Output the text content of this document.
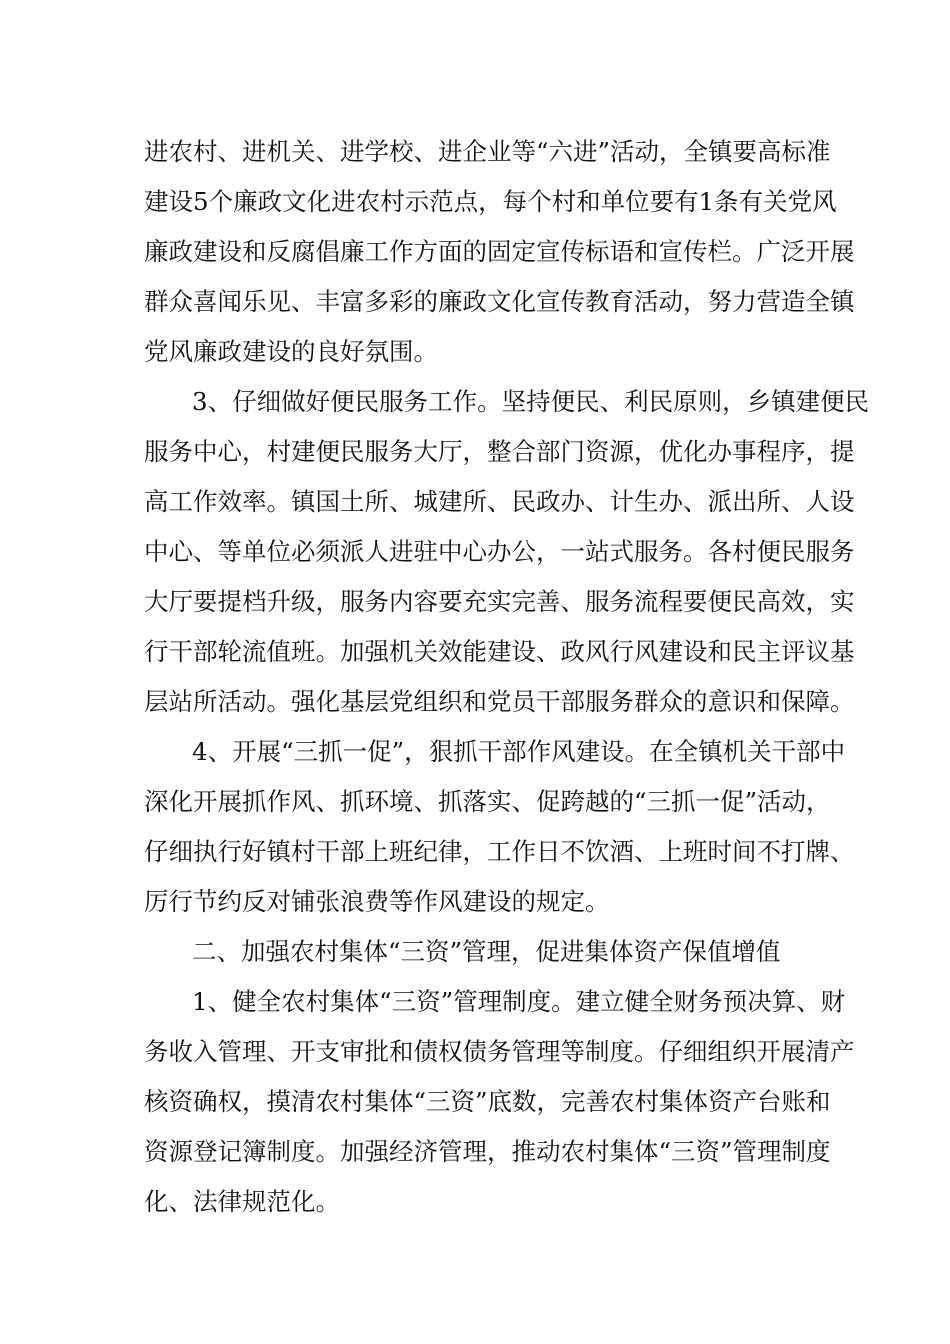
进农村、进机关、进学校、进企业等“六进”活动，全镇要高标准
建设5个廉政文化进农村示范点，每个村和单位要有1条有关党风
廉政建设和反腐倡廉工作方面的固定宣传标语和宣传栏。广泛开展
群众喜闻乐见、丰富多彩的廉政文化宣传教育活动，努力营造全镇
党风廉政建设的良好氛围。
3、仔细做好便民服务工作。坚持便民、利民原则，乡镇建便民
服务中心，村建便民服务大厅，整合部门资源，优化办事程序，提
高工作效率。镇国土所、城建所、民政办、计生办、派出所、人设
中心、等单位必须派人进驻中心办公，一站式服务。各村便民服务
大厅要提档升级，服务内容要充实完善、服务流程要便民高效，实
行干部轮流值班。加强机关效能建设、政风行风建设和民主评议基
层站所活动。强化基层党组织和党员干部服务群众的意识和保障。
4、开展“三抓一促”，狠抓干部作风建设。在全镇机关干部中
深化开展抓作风、抓环境、抓落实、促跨越的“三抓一促”活动，
仔细执行好镇村干部上班纪律，工作日不饮酒、上班时间不打牌、
厉行节约反对铺张浪费等作风建设的规定。
二、加强农村集体“三资”管理，促进集体资产保值增值
1、健全农村集体“三资”管理制度。建立健全财务预决算、财
务收入管理、开支审批和债权债务管理等制度。仔细组织开展清产
核资确权，摸清农村集体“三资”底数，完善农村集体资产台账和
资源登记簿制度。加强经济管理，推动农村集体“三资”管理制度
化、法律规范化。
